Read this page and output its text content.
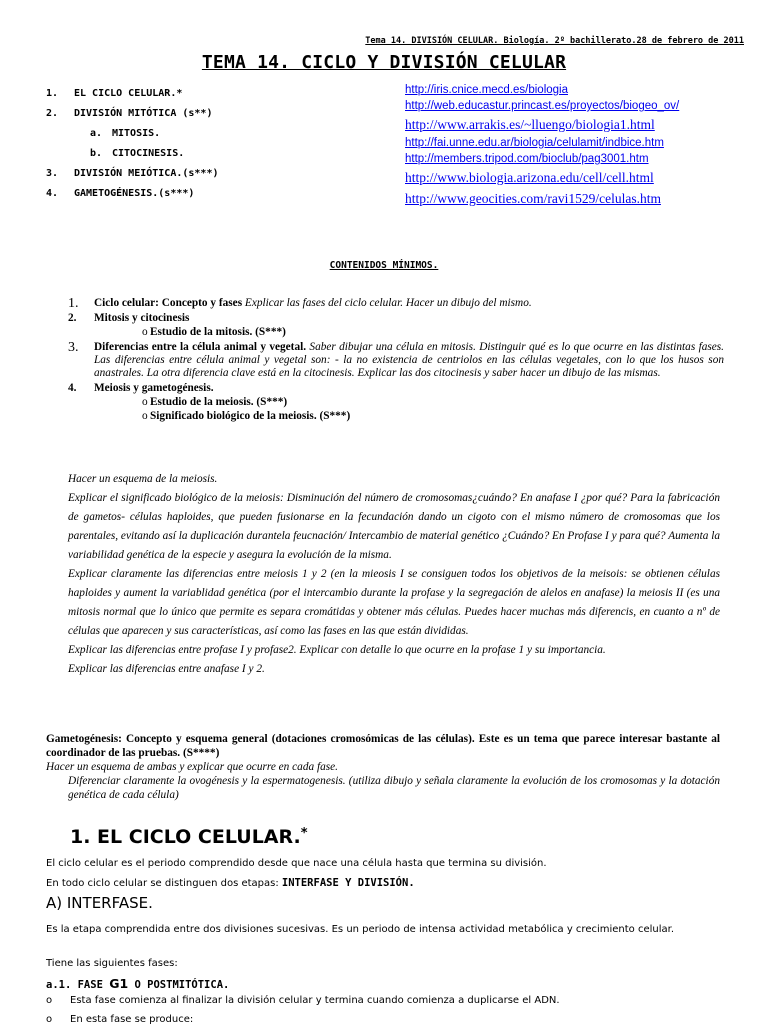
Tema 14. DIVISIÓN CELULAR. Biología. 2º bachillerato.28 de febrero de 2011
TEMA 14. CICLO Y DIVISIÓN CELULAR
1. EL CICLO CELULAR.*
2. DIVISIÓN MITÓTICA (s**)
a. MITOSIS.
b. CITOCINESIS.
3. DIVISIÓN MEIÓTICA.(s***)
4. GAMETOGÉNESIS.(s***)
http://iris.cnice.mecd.es/biologia
http://web.educastur.princast.es/proyectos/biogeo_ov/
http://www.arrakis.es/~lluengo/biologia1.html
http://fai.unne.edu.ar/biologia/celulamit/indbice.htm
http://members.tripod.com/bioclub/pag3001.htm
http://www.biologia.arizona.edu/cell/cell.html
http://www.geocities.com/ravi1529/celulas.htm
CONTENIDOS MÍNIMOS.
1. Ciclo celular: Concepto y fases Explicar las fases del ciclo celular. Hacer un dibujo del mismo.
2. Mitosis y citocinesis
o Estudio de la mitosis. (S***)
3. Diferencias entre la célula animal y vegetal. Saber dibujar una célula en mitosis. Distinguir qué es lo que ocurre en las distintas fases. Las diferencias entre célula animal y vegetal son: - la no existencia de centriolos en las células vegetales, con lo que los husos son anastrales. La otra diferencia clave está en la citocinesis. Explicar las dos citocinesis y saber hacer un dibujo de las mismas.
4. Meiosis y gametogénesis.
o Estudio de la meiosis. (S***)
o Significado biológico de la meiosis. (S***)

Hacer un esquema de la meiosis.

Explicar el significado biológico de la meiosis: Disminución del número de cromosomas¿cuándo? En anafase I ¿por qué? Para la fabricación de gametos- células haploides, que pueden fusionarse en la fecundación dando un cigoto con el mismo número de cromosomas que los parentales, evitando así la duplicación durantela feucnación/ Intercambio de material genético ¿Cuándo? En Profase I y para qué? Aumenta la variabilidad genética de la especie y asegura la evolución de la misma.

Explicar claramente las diferencias entre meiosis 1 y 2 (en la mieosis I se consiguen todos los objetivos de la meisois: se obtienen células haploides y aument la variablidad genética (por el intercambio durante la profase y la segregación de alelos en anafase) la meiosis II (es una mitosis normal que lo único que permite es separa cromátidas y obtener más células. Puedes hacer muchas más diferencis, en cuanto a nº de células que aparecen y sus características, así como las fases en las que están divididas.

Explicar las diferencias entre profase I y profase2. Explicar con detalle lo que ocurre en la profase 1 y su importancia.

Explicar las diferencias entre anafase I y 2.

Gametogénesis: Concepto y esquema general (dotaciones cromosómicas de las células). Este es un tema que parece interesar bastante al coordinador de las pruebas. (S****)
Hacer un esquema de ambas y explicar que ocurre en cada fase.
Diferenciar claramente la ovogénesis y la espermatogenesis. (utiliza dibujo y señala claramente la evolución de los cromosomas y la dotación genética de cada célula)
1. EL CICLO CELULAR.*
El ciclo celular es el periodo comprendido desde que nace una célula hasta que termina su división.
En todo ciclo celular se distinguen dos etapas: INTERFASE Y DIVISIÓN.
A) INTERFASE.
Es la etapa comprendida entre dos divisiones sucesivas. Es un periodo de intensa actividad metabólica y crecimiento celular.
Tiene las siguientes fases:
a.1. FASE G1 O POSTMITÓTICA.
o Esta fase comienza al finalizar la división celular y termina cuando comienza a duplicarse el ADN.
o En esta fase se produce:
